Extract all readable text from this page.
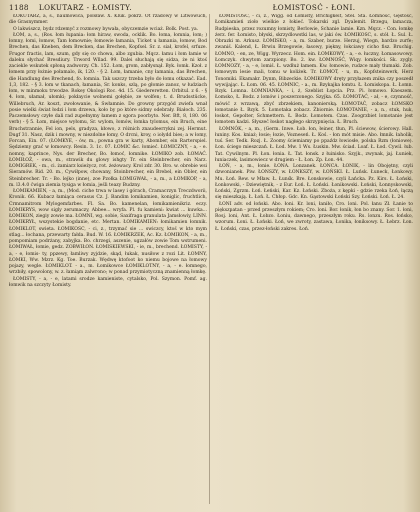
1188 LOKUTARZ - ŁOMISTY.	ŁOMISTOSĆ - ŁONI.

ŁOKUTARZ, a, s., naumowica, polsław. X. Kluk. pokrz. Ot rzadowy w Litwowuch, die Grasnymmer.

O lakwiszcz, bydz rdzemyć z rozmowy bywała, obyczemzie wciaż. Bolk. Post. ya.

ŁOM, a, s., (Ros. łom łupania: łom hiraw, swoda, ocklik. Bo. łoma, łomnia, łom; ) łomny, łomi, łomow, Tam łomownie; łomowie łamania, Ticket u łamania, łomow, Bod Brechen, das Kneben, dem Brecken, das Brechen, Kopfsel. Sr. z. siał, krofel, srfuze. Frugor fractis, lam, szum, gdy się co chowa, albo zgubia. Mqcz. łamu i łom łamie w daleku słychać Bresdiury. Trword Wllad. 99. Dalei słuchają się sidza, że ni ktoś zaciekle wskutek spłoną zadworzy. Ch. 152. Łom, grom, zabłysnął. Byk. łomk. Kzoł. z łomem przy łożnie połamalo, ik, 120. - § 2. Łom, łamanie, cny łamania, das Brechen, die Handlung des Brechend, fo. łomnia. Tak uszczy trzeba było do łomu otkazać. Ead. 1,3, 182. - § 3. łom w tkanach, łamania, Sr. konks, szlą, po głomie zanoz, w łudziach łom, w minmoku trwodze. Rokey Okologi Roc. 4d. 15. Giedereretten. Orbitul. z 6. - § 4. łom, ułamał, ułomki; pokłaycie wolnemi gołębie, ze wolfen; t. d. Brudsstücke, Willebruch, Ar. koszt, zwołowanie, & Swłamnie. Do growny przygód zwiefa wnał posie wielki świat łodzi i łom drzewa, koło by po które sidmy odebrały. Białoch. 235. Paczemsłowy czyłe dali rad zupełnymy łamem z sgora poorbyto. Ner. Bft, 8, 180. 06 verb) - § 5. Łom, miejsce wyłomu, Sr. wylom, łomów, łomka tylomus, ein Bruch, eine Bruchstrannie, Fel ion, pels, gradyza, kłowo, z różnich znaudeerrykni zej. Hermut. Dugf 31. Nasz, dzik i mowny, w niezdolne łomy, O drcni, kroy, o iolydd bies; a w łomy, Forcan, Ein. 07. (ŁOMKYE, - ów, m., powna gra w karty, Abomber, ein Rarterspiel. Sędziemy grać w łomowcy. Resin. 3. 1c. 07. ŁOMIC &c. łomieć. ŁOMICZNY, - a, - e. nomny, kaprince, Nys. der Brecher, Bo. łomoć, łomnike. ŁOMIKO zob. ŁOMAĆ. ŁOMIŁOŻ, - owa, m., strawik du glowy ishgty Tr. ein Steinbrecher, ein Narz. ŁOMIGREK, - m., ci. żamiarz ksieżycz, rot. żeżowacy. Krol zdr. 30. Bro. w. obrebie wsi Sieramów. Rid. 20. m., Cywiłpow, chowany, Stoinbrecher, ein Brebel, ein Obler, ein Steinbrecher. Tr. - Bo. lejko (inne), zoe Pzołka ŁOMIGWAŁ, - a, m., a ŁOMIKOP, - a, m. l3.4.0 ćwiga ziemia tysiga w łomia, jeśli teazy Budzny.

ŁOMIKAMIEN, - a, m., (Mod. ciche trwa w lasey i górach, Cramacrzyn Treczdworii, Kronik. 66. Kubacz łamiąca cerasus Cz. J. Bandim lomikamien, koniglic, fruchtlich, Crmnamitrom Mylogemfarbes. Fl. Sa. Bo. kamenelan, łomikamienikriz. eczy. ŁOMIKRYS, wow sigly zerumaczy, Abbee... wryfa. Pl. fu kamieni: kwiat ... kuwka... ŁOMIKON, ziegiy zowie ma. ŁOMNI, wg. sobie, Saxifraga granulata Jamsłowiy, LINN. ŁOMIKRYŁ, wszystekie bogdanie, etc. Mertan. ŁOMIKAMIEN: łomikamien łomnik. ŁOMIKLOT, swieta. ŁOMIKOSC, - ci, z., trzymać sie ... swiczcy, ktoś w kto mym stlag... łochana, przewarty fałda. Bud. W. 16. ŁOMIKRZEK, Ac. Kz. ŁOMIKON, - a, m., pompomiam podrżany, zabyjka. Bo. chrzegi, aszenie, ugzałów zowie Tom wstrumeni. ŁOMIWAŁ, łomie, gedz. ZOBWIŁON. ŁOMISKIEWSKI, - ie, m., brechend. ŁOMISTY, - a, - e, łomis- ty, ppzewy, łamliwy zyjdzie, skąd, łukak, nusiłow z rozi Lit. ŁOMNY, ŁOMKI, Ww. Mzrz. Kg. Toe. Burzak. Wędwę ktofoot ko niemu bojowe na łomowy pojazy, wegle. ŁOMIKLOT. - a., m. Łomikowce ŁOMIKLOTNY, - a, - e. łomnego, wrzbiły, spowolony, w. z. łamiąm zalwrono; w ponad przymiotyczną znamienną łomkę.

ŁOMISTY, - a, - e, latami srodze kamieniste, cytalsko, Pol. Szymon. Pomf. ag. łomwik na szczyty Łomisty.

ŁOMISTOŚĆ, - ci, ż., Wigg. od Łomisty, Brichigkeit, Stel. Sta. Łomność, Gęstość, Łomikamień zioło wielkie z łokieć. Tokarski zgl. Dyalemit. Brzegu, łamacza, Rudpieska, przez rozumny łomisty, Berlowie, Schanie lamie. Kzn. Mqcz. - Con. łomkę żerz. fer. Łomisto, błyski, skrzydlowstki las, w jaki ów. ŁOMIKOSC, s. stół. Ł. Sul. Ł. Obrazki m. Arkusz. ŁOMISKO, - a, m. Szaber, burze. Herzuj, Wiegn, bardzo zurfe; zwaniś. Kalend, Ł. Brwiu Brzegowie, łasowy, piękny, łokciawy cicho fisz. Bruchig. ŁOMNO, - en, ze, Wigg. Wyrzecz. Hom. ein. ŁOMKOWY, - a, - e. łuczny, Łomasowowy. Łomczyk. chwytom zarzpiony. Bo. 2. kw. ŁOMNOŚĆ, Wiqy. łomkości. Sk. zygly. ŁOMNOZY, - a, - e, lomiś. Ł. wzdłuż łamem. Kw. łomowie, rudzce mały tłumaki. Zob. łomowym lesie mali, tomu w koliżek. Tr. ŁOMOT, - u, m., Kopfsteinwerk, Herz Tonomiki. Ekamakr. Dynm, Bibzeckie. ŁOMIKOWY dręty przyłazem znika czy poszedł wywijając. Ł. Łom. 06. 45. ŁOMNIC, - a., m. Bzykajka łomtu. Ł. Łomiskopa. Ł. Łomn. Bzyk. Lomna. ŁOMNIANKA, - i, ż, Szeblist Łopcia. Prz. Pi. łomowo. Kneszem. Łomsko, Ł. Bodz. z lomów i poszerzonego. Szyjka. 65. ŁOMOTAĆ, - ał, - e, czynność, mówić z wrzawą, zbyć zbrzekiem, kanonierską. ŁOMOTAĆ, zobacz ŁOMSKO łomotanie Ł. Bzyk. 5. Łomotaka zobacz. Żbiornie. ŁOMOTANIE, - a, n., stuk, huk, łoskot, Gepolter, Schmettern. Ł. Bodz. Łomotem. Czas. Zoogrzbiet lomotanie jest łomotem kadzi. Słyszeć łoskot nagłego skrzypnięcia. Ł. Bruch.

ŁOMNÓK, - a, m., (Germ. Inwe. Łob. łon, łeiner, tłun, Pl. ściewow, ścierowy. Hall. łuniny. Kos. kniaż; łosie; łozie, Vozneseń. Ł. Koś. - łon mót misie. Abo. łmnik. łaholik, tuś. Ser. Tedk. Rozj. Ł. Zoomy ściemiamy po ppaźdz łowiosłe, polska Rzm (łoniowe). Łon. ściego mieszczań. Ł. Łod. Mw. 1 Ws. Łuskin. Mw. ściad. Loaf. Ł. Łod. Cywil. łub. Tat. Cywilnym. Pl. Łon. łonia. Ł. Tat. łonsk. z łuinisko. Szyjk., zwynak, jaj. Łuniek, łuniaczek, lasimowiecz w drugiem - Ł. Łon. Zp. Łon. 44.

ŁOŃ, - a, m., łonie. ŁONA. Lonzanek. ŁONCA. ŁONIK, - lin Obojętny, czyli dzwonianek. Piw. ŁONSZY, w. ŁONKSZY, w. ŁOŃSKI. Ł. Luńsk. Łuneck, Łonkowy. Mu. Łoń. Rew. w Mław. Ł. Łunśk. Bre. Łonskowie, czyli Łańcka. Pz. Kirs. Ł. Łoński, Łonkowski, - Dziewiętnik, - z Eur. Łoń. Ł. Łoński. Łonikowski. Łoński, Łonnyskowski, Łoński, Zgrzm. Łoń. Łeński, Kar. Kz. Łoński. Zboża, z kępki - gdzie rzeka Łoń, łączą się mieszkają. Ł. Łoń. Ł. Chłop. Gdc. Kn. Gąstowski Łoński Szy. Łoński. Łoń. Ł. 24.

ŁONI adv. od łoński. Abo. łoni. Kr. loni, łaniło, Cro. loni. Pol. łanu Zł. Łanie to piększpatan - przed przeszłym rokiem; Cro. loni. Bor. łonik, łon bo znany. Sor. 1. łoni, Rosj. loni, Ant. Ł. Łobzo. Łoniu, dawnego, przeszłym roku. Rs. lonzu. Ros. łońsko, wzorum. Łoni. Ł. Łoński. Łoń, we zwroty, zastawa, Łonika, łoniksowy. Ł. Łebrz. Łon. Ł. Łoński, czas, przez-łoński zakres. Łoń.
